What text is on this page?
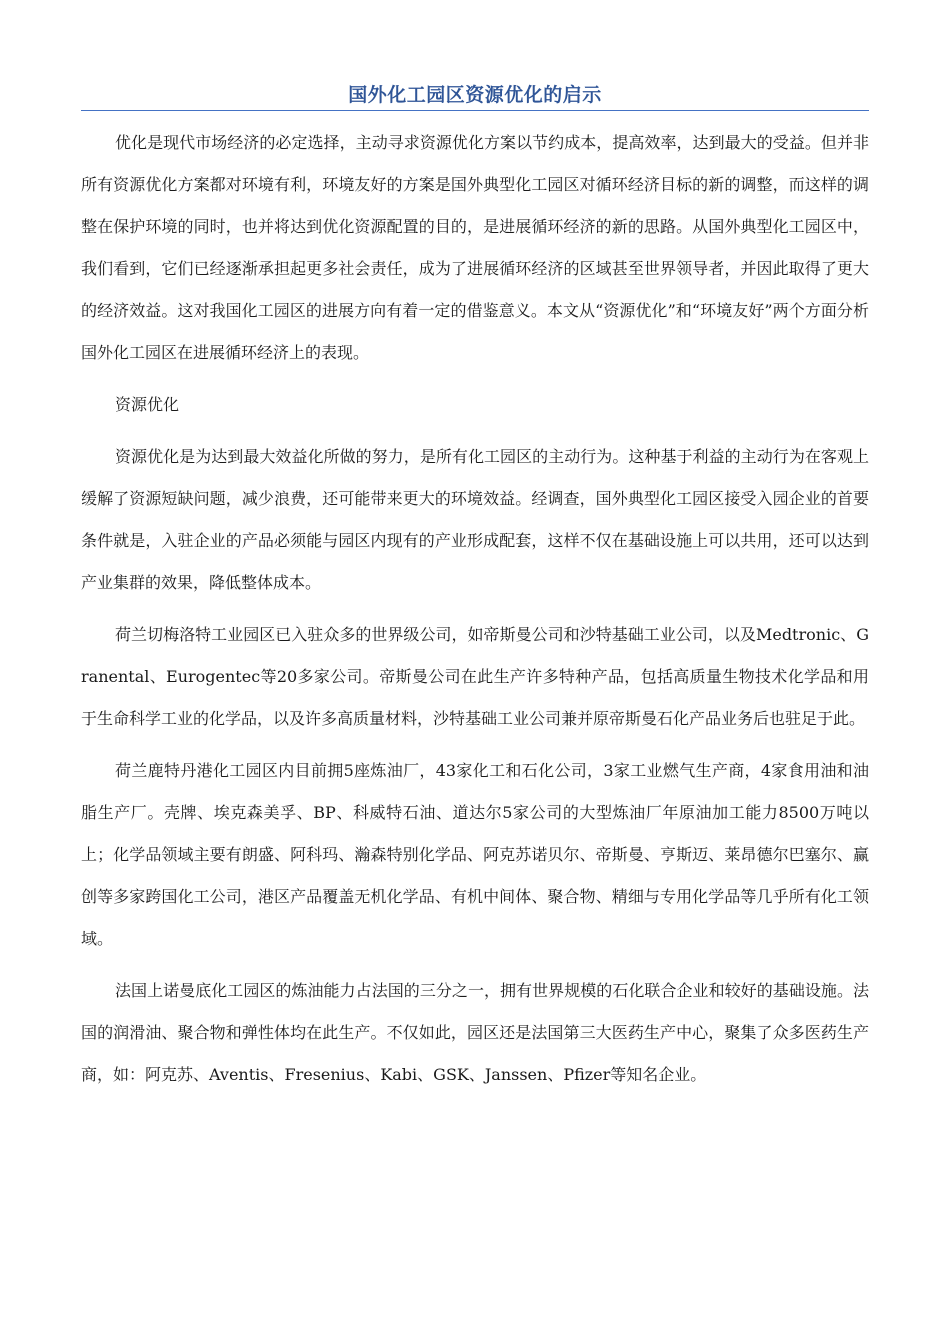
国外化工园区资源优化的启示

优化是现代市场经济的必定选择，主动寻求资源优化方案以节约成本，提高效率，达到最大的受益。但并非所有资源优化方案都对环境有利，环境友好的方案是国外典型化工园区对循环经济目标的新的调整，而这样的调整在保护环境的同时，也并将达到优化资源配置的目的，是进展循环经济的新的思路。从国外典型化工园区中，我们看到，它们已经逐渐承担起更多社会责任，成为了进展循环经济的区域甚至世界领导者，并因此取得了更大的经济效益。这对我国化工园区的进展方向有着一定的借鉴意义。本文从“资源优化”和“环境友好”两个方面分析国外化工园区在进展循环经济上的表现。

资源优化

资源优化是为达到最大效益化所做的努力，是所有化工园区的主动行为。这种基于利益的主动行为在客观上缓解了资源短缺问题，减少浪费，还可能带来更大的环境效益。经调查，国外典型化工园区接受入园企业的首要条件就是，入驻企业的产品必须能与园区内现有的产业形成配套，这样不仅在基础设施上可以共用，还可以达到产业集群的效果，降低整体成本。

荷兰切梅洛特工业园区已入驻众多的世界级公司，如帝斯曼公司和沙特基础工业公司，以及Medtronic、Granental、Eurogentec等20多家公司。帝斯曼公司在此生产许多特种产品，包括高质量生物技术化学品和用于生命科学工业的化学品，以及许多高质量材料，沙特基础工业公司兼并原帝斯曼石化产品业务后也驻足于此。

荷兰鹿特丹港化工园区内目前拥5座炼油厂，43家化工和石化公司，3家工业燃气生产商，4家食用油和油脂生产厂。壳牌、埃克森美孚、BP、科威特石油、道达尔5家公司的大型炼油厂年原油加工能力8500万吨以上；化学品领域主要有朗盛、阿科玛、瀚森特别化学品、阿克苏诺贝尔、帝斯曼、亨斯迈、莱昂德尔巴塞尔、赢创等多家跨国化工公司，港区产品覆盖无机化学品、有机中间体、聚合物、精细与专用化学品等几乎所有化工领域。

法国上诺曼底化工园区的炼油能力占法国的三分之一，拥有世界规模的石化联合企业和较好的基础设施。法国的润滑油、聚合物和弹性体均在此生产。不仅如此，园区还是法国第三大医药生产中心，聚集了众多医药生产商，如：阿克苏、Aventis、Fresenius、Kabi、GSK、Janssen、Pfizer等知名企业。
